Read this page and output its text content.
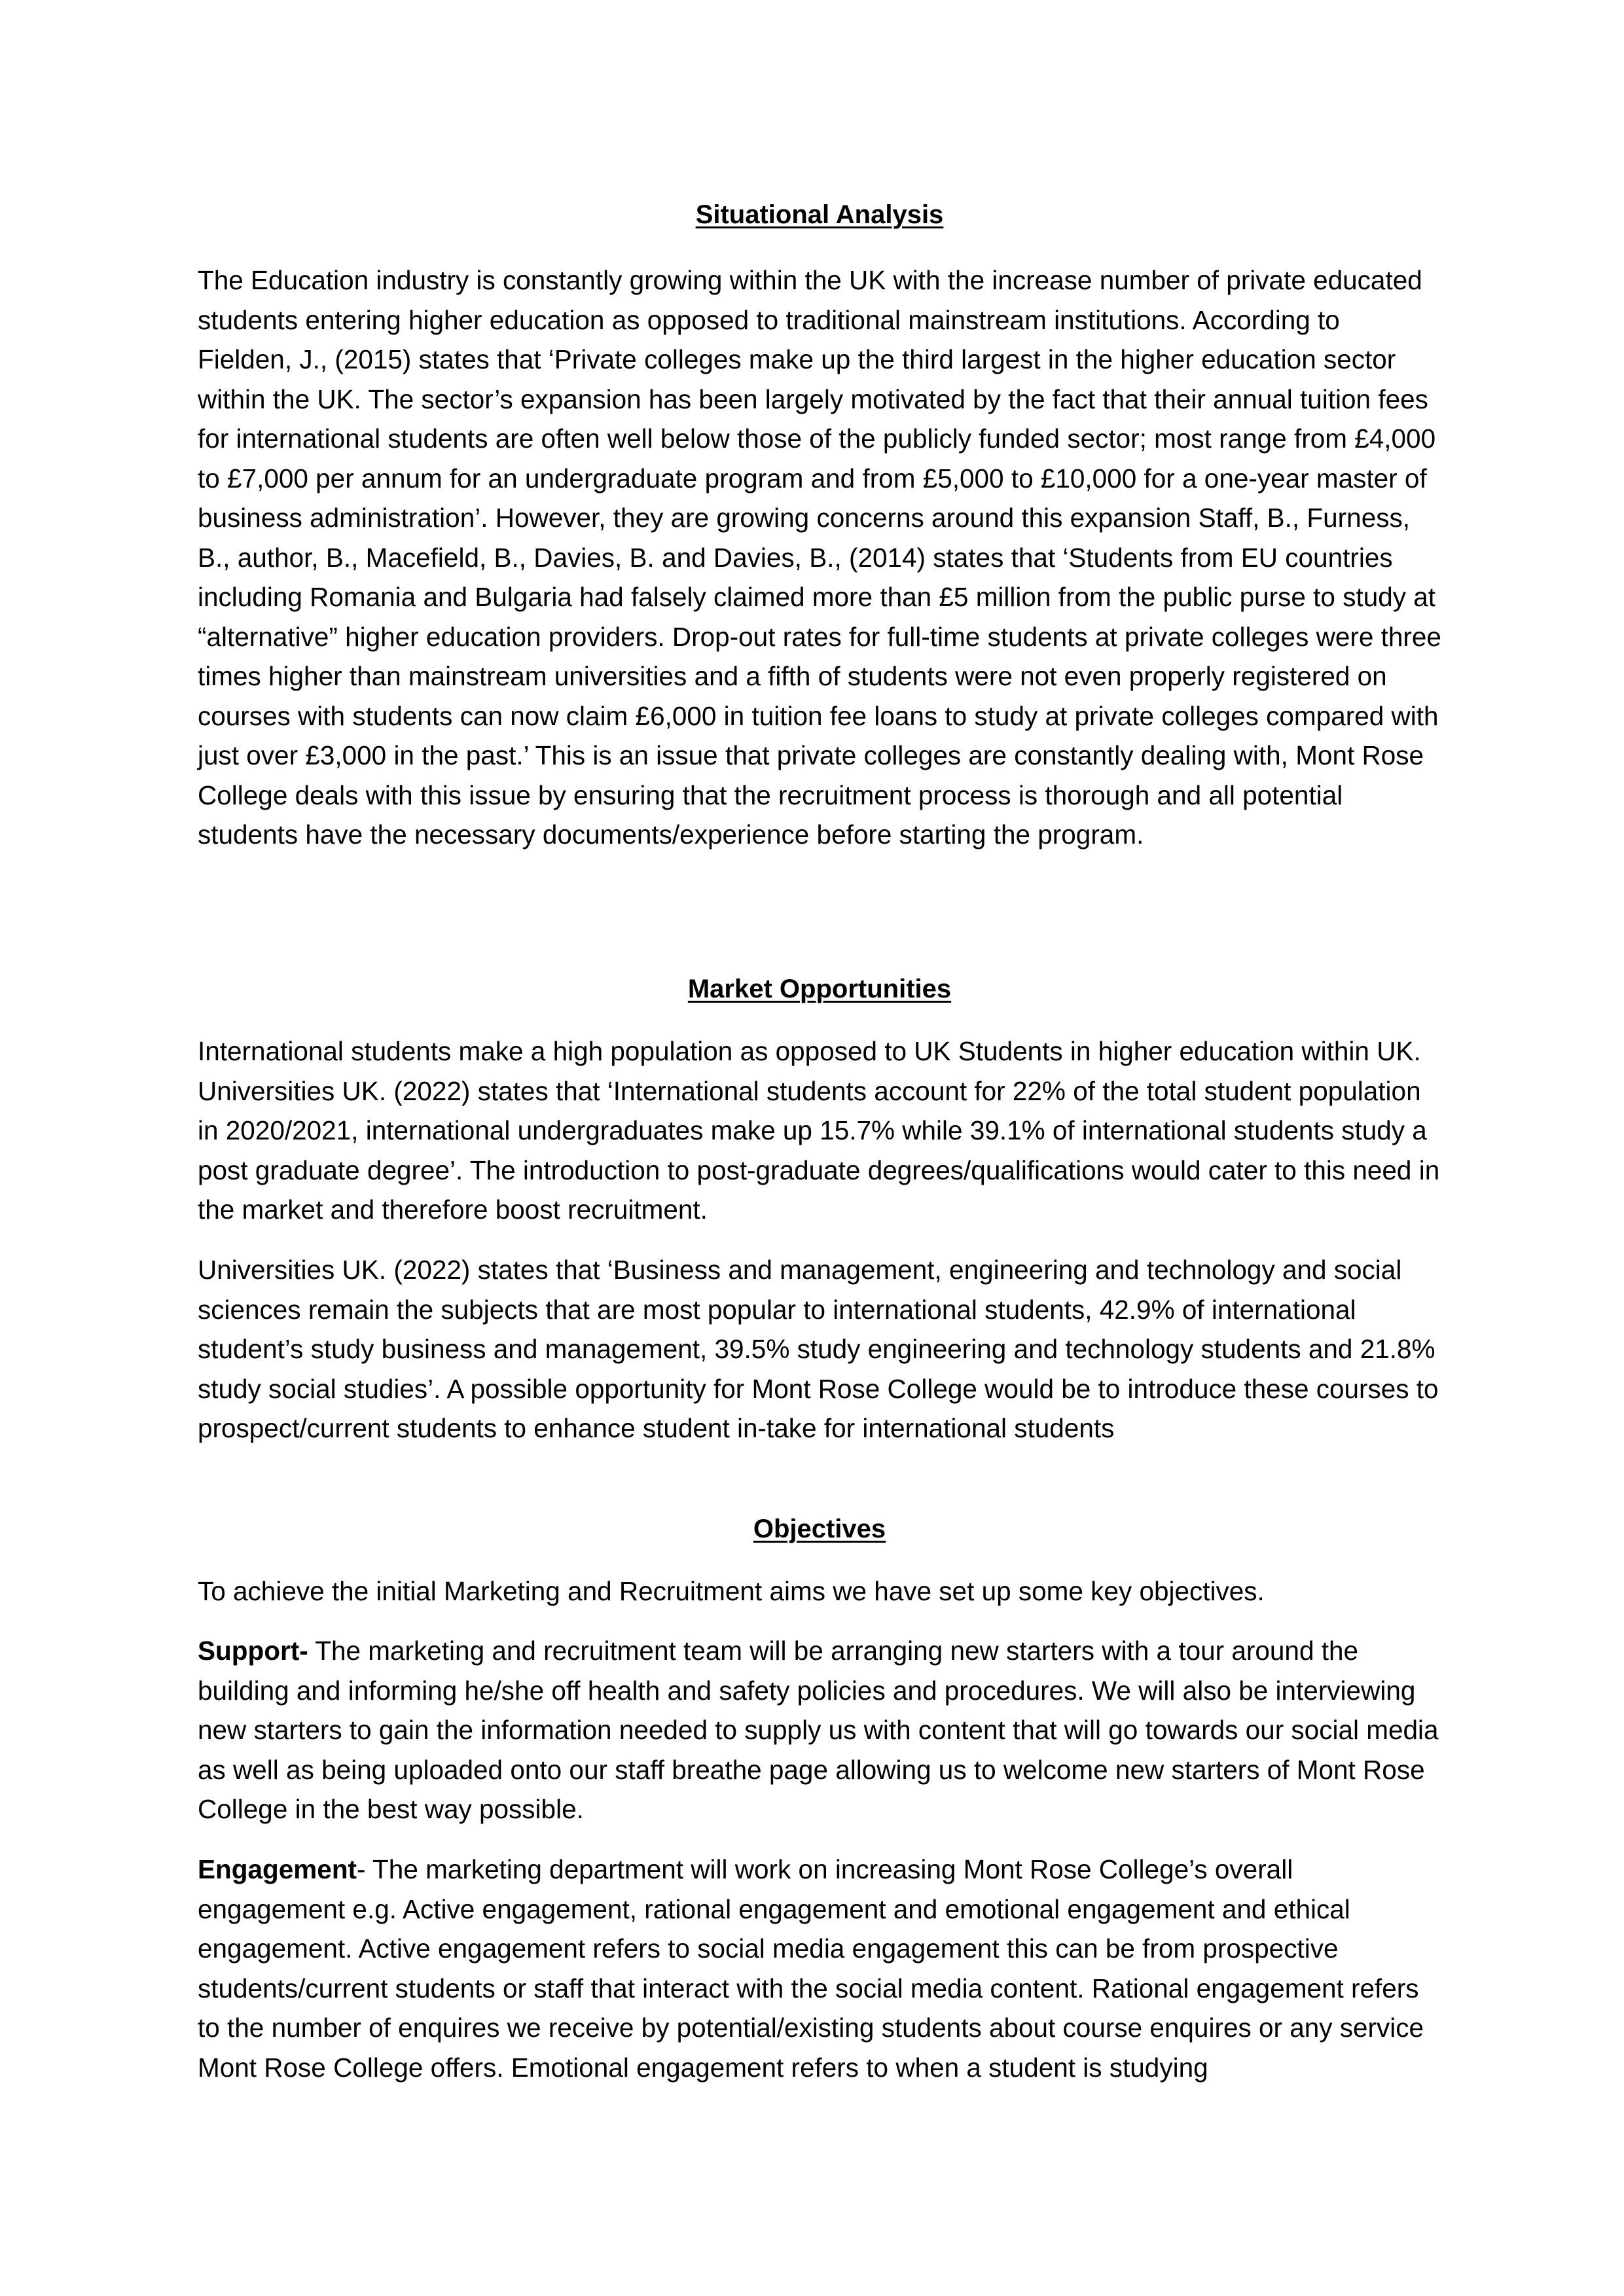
Situational Analysis

The Education industry is constantly growing within the UK with the increase number of private educated students entering higher education as opposed to traditional mainstream institutions. According to Fielden, J., (2015) states that ‘Private colleges make up the third largest in the higher education sector within the UK. The sector’s expansion has been largely motivated by the fact that their annual tuition fees for international students are often well below those of the publicly funded sector; most range from £4,000 to £7,000 per annum for an undergraduate program and from £5,000 to £10,000 for a one-year master of business administration’. However, they are growing concerns around this expansion Staff, B., Furness, B., author, B., Macefield, B., Davies, B. and Davies, B., (2014) states that ‘Students from EU countries including Romania and Bulgaria had falsely claimed more than £5 million from the public purse to study at “alternative” higher education providers. Drop-out rates for full-time students at private colleges were three times higher than mainstream universities and a fifth of students were not even properly registered on courses with students can now claim £6,000 in tuition fee loans to study at private colleges compared with just over £3,000 in the past.’ This is an issue that private colleges are constantly dealing with, Mont Rose College deals with this issue by ensuring that the recruitment process is thorough and all potential students have the necessary documents/experience before starting the program.

Market Opportunities

International students make a high population as opposed to UK Students in higher education within UK. Universities UK. (2022) states that ‘International students account for 22% of the total student population in 2020/2021, international undergraduates make up 15.7% while 39.1% of international students study a post graduate degree’. The introduction to post-graduate degrees/qualifications would cater to this need in the market and therefore boost recruitment.

Universities UK. (2022) states that ‘Business and management, engineering and technology and social sciences remain the subjects that are most popular to international students, 42.9% of international student’s study business and management, 39.5% study engineering and technology students and 21.8% study social studies’. A possible opportunity for Mont Rose College would be to introduce these courses to prospect/current students to enhance student in-take for international students

Objectives

To achieve the initial Marketing and Recruitment aims we have set up some key objectives.

Support- The marketing and recruitment team will be arranging new starters with a tour around the building and informing he/she off health and safety policies and procedures. We will also be interviewing new starters to gain the information needed to supply us with content that will go towards our social media as well as being uploaded onto our staff breathe page allowing us to welcome new starters of Mont Rose College in the best way possible.

Engagement- The marketing department will work on increasing Mont Rose College’s overall engagement e.g. Active engagement, rational engagement and emotional engagement and ethical engagement. Active engagement refers to social media engagement this can be from prospective students/current students or staff that interact with the social media content. Rational engagement refers to the number of enquires we receive by potential/existing students about course enquires or any service Mont Rose College offers. Emotional engagement refers to when a student is studying
